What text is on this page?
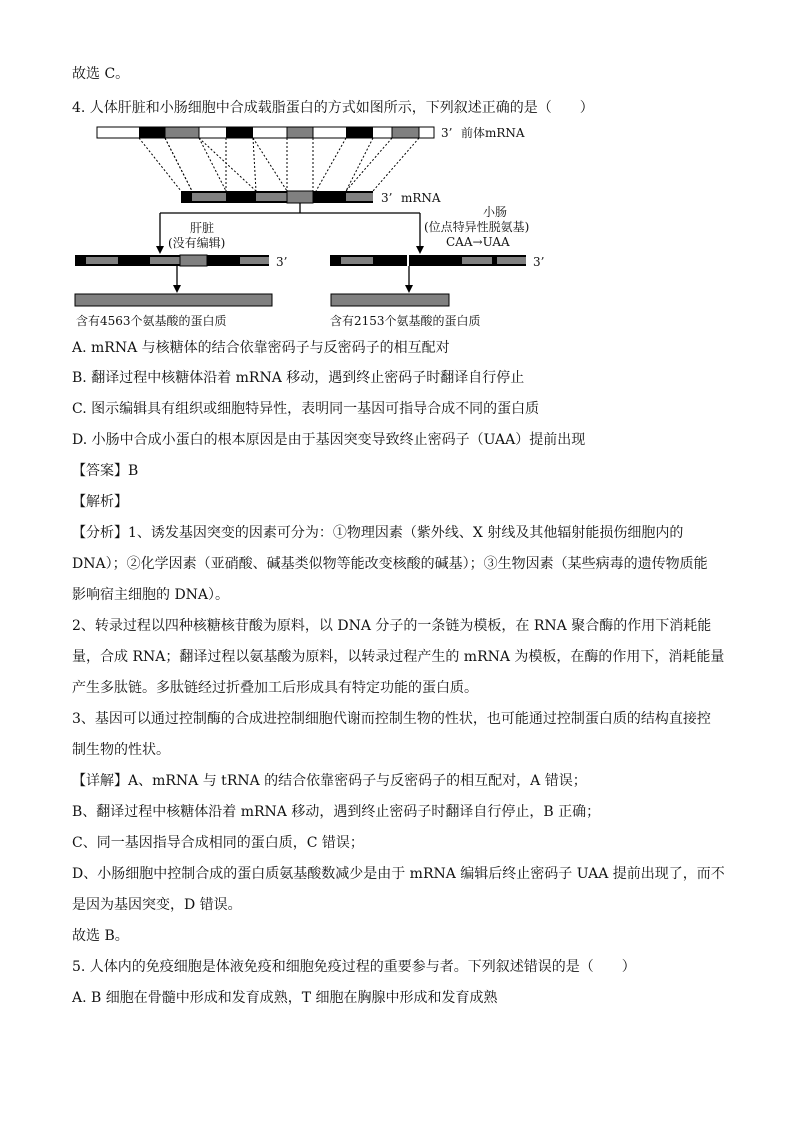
故选 C。
4. 人体肝脏和小肠细胞中合成载脂蛋白的方式如图所示，下列叙述正确的是（　　）
3’ 前体mRNA
3’ mRNA
肝脏
(没有编辑)
小肠
(位点特异性脱氨基)
CAA→UAA
3’	3’
含有4563个氨基酸的蛋白质	含有2153个氨基酸的蛋白质
A. mRNA 与核糖体的结合依靠密码子与反密码子的相互配对
B. 翻译过程中核糖体沿着 mRNA 移动，遇到终止密码子时翻译自行停止
C. 图示编辑具有组织或细胞特异性，表明同一基因可指导合成不同的蛋白质
D. 小肠中合成小蛋白的根本原因是由于基因突变导致终止密码子（UAA）提前出现
【答案】B
【解析】
【分析】1、诱发基因突变的因素可分为：①物理因素（紫外线、X 射线及其他辐射能损伤细胞内的
DNA）；②化学因素（亚硝酸、碱基类似物等能改变核酸的碱基）；③生物因素（某些病毒的遗传物质能
影响宿主细胞的 DNA）。
2、转录过程以四种核糖核苷酸为原料，以 DNA 分子的一条链为模板，在 RNA 聚合酶的作用下消耗能
量，合成 RNA；翻译过程以氨基酸为原料，以转录过程产生的 mRNA 为模板，在酶的作用下，消耗能量
产生多肽链。多肽链经过折叠加工后形成具有特定功能的蛋白质。
3、基因可以通过控制酶的合成进控制细胞代谢而控制生物的性状，也可能通过控制蛋白质的结构直接控
制生物的性状。
【详解】A、mRNA 与 tRNA 的结合依靠密码子与反密码子的相互配对，A 错误；
B、翻译过程中核糖体沿着 mRNA 移动，遇到终止密码子时翻译自行停止，B 正确；
C、同一基因指导合成相同的蛋白质，C 错误；
D、小肠细胞中控制合成的蛋白质氨基酸数减少是由于 mRNA 编辑后终止密码子 UAA 提前出现了，而不
是因为基因突变，D 错误。
故选 B。
5. 人体内的免疫细胞是体液免疫和细胞免疫过程的重要参与者。下列叙述错误的是（　　）
A. B 细胞在骨髓中形成和发育成熟，T 细胞在胸腺中形成和发育成熟
